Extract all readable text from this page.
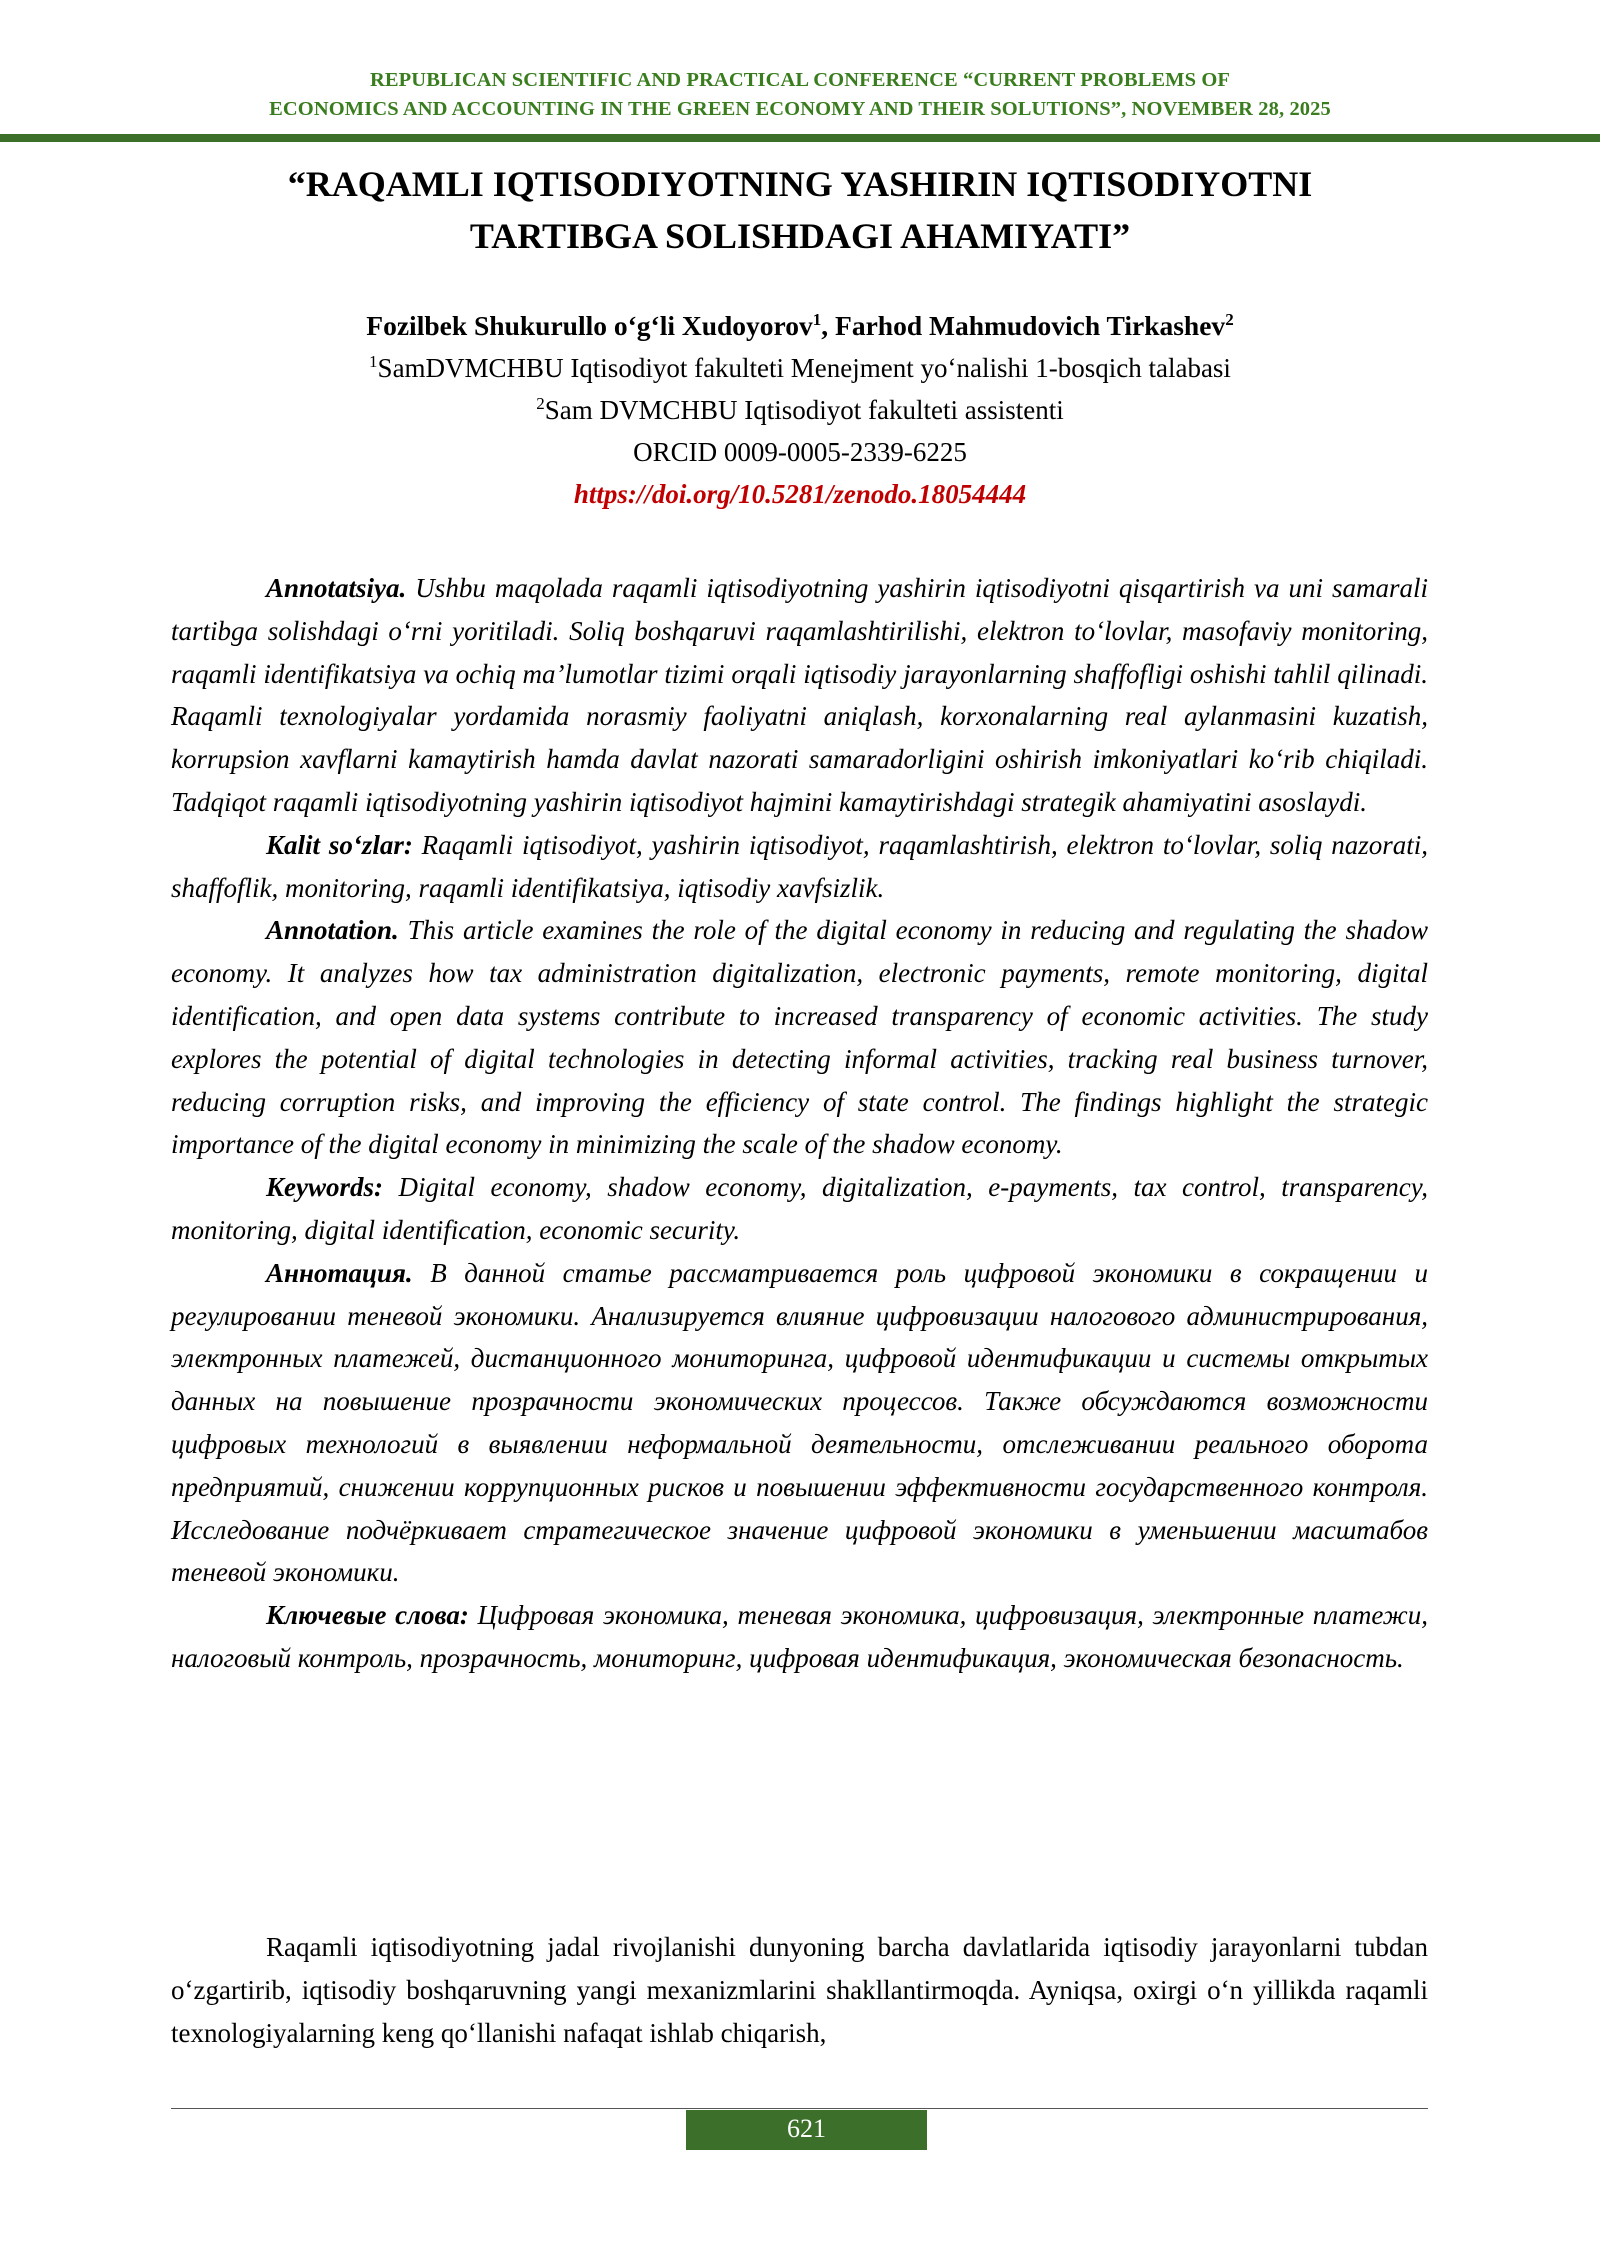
REPUBLICAN SCIENTIFIC AND PRACTICAL CONFERENCE “CURRENT PROBLEMS OF
ECONOMICS AND ACCOUNTING IN THE GREEN ECONOMY AND THEIR SOLUTIONS”, NOVEMBER 28, 2025
“RAQAMLI IQTISODIYOTNING YASHIRIN IQTISODIYOTNI
TARTIBGA SOLISHDAGI AHAMIYATI”
Fozilbek Shukurullo o‘g‘li Xudoyorov$^1$, Farhod Mahmudovich Tirkashev$^2$
$^1$SamDVMCHBU Iqtisodiyot fakulteti Menejment yo‘nalishi 1-bosqich talabasi
$^2$Sam DVMCHBU Iqtisodiyot fakulteti assistenti
ORCID 0009-0005-2339-6225
https://doi.org/10.5281/zenodo.18054444

Annotatsiya. Ushbu maqolada raqamli iqtisodiyotning yashirin iqtisodiyotni qisqartirish va uni samarali tartibga solishdagi o‘rni yoritiladi. Soliq boshqaruvi raqamlashtirilishi, elektron to‘lovlar, masofaviy monitoring, raqamli identifikatsiya va ochiq ma’lumotlar tizimi orqali iqtisodiy jarayonlarning shaffofligi oshishi tahlil qilinadi. Raqamli texnologiyalar yordamida norasmiy faoliyatni aniqlash, korxonalarning real aylanmasini kuzatish, korrupsion xavflarni kamaytirish hamda davlat nazorati samaradorligini oshirish imkoniyatlari ko‘rib chiqiladi. Tadqiqot raqamli iqtisodiyotning yashirin iqtisodiyot hajmini kamaytirishdagi strategik ahamiyatini asoslaydi.

Kalit so‘zlar: Raqamli iqtisodiyot, yashirin iqtisodiyot, raqamlashtirish, elektron to‘lovlar, soliq nazorati, shaffoflik, monitoring, raqamli identifikatsiya, iqtisodiy xavfsizlik.

Annotation. This article examines the role of the digital economy in reducing and regulating the shadow economy. It analyzes how tax administration digitalization, electronic payments, remote monitoring, digital identification, and open data systems contribute to increased transparency of economic activities. The study explores the potential of digital technologies in detecting informal activities, tracking real business turnover, reducing corruption risks, and improving the efficiency of state control. The findings highlight the strategic importance of the digital economy in minimizing the scale of the shadow economy.

Keywords: Digital economy, shadow economy, digitalization, e-payments, tax control, transparency, monitoring, digital identification, economic security.

Аннотация. В данной статье рассматривается роль цифровой экономики в сокращении и регулировании теневой экономики. Анализируется влияние цифровизации налогового администрирования, электронных платежей, дистанционного мониторинга, цифровой идентификации и системы открытых данных на повышение прозрачности экономических процессов. Также обсуждаются возможности цифровых технологий в выявлении неформальной деятельности, отслеживании реального оборота предприятий, снижении коррупционных рисков и повышении эффективности государственного контроля. Исследование подчёркивает стратегическое значение цифровой экономики в уменьшении масштабов теневой экономики.

Ключевые слова: Цифровая экономика, теневая экономика, цифровизация, электронные платежи, налоговый контроль, прозрачность, мониторинг, цифровая идентификация, экономическая безопасность.

Raqamli iqtisodiyotning jadal rivojlanishi dunyoning barcha davlatlarida iqtisodiy jarayonlarni tubdan o‘zgartirib, iqtisodiy boshqaruvning yangi mexanizmlarini shakllantirmoqda. Ayniqsa, oxirgi o‘n yillikda raqamli texnologiyalarning keng qo‘llanishi nafaqat ishlab chiqarish,

621
